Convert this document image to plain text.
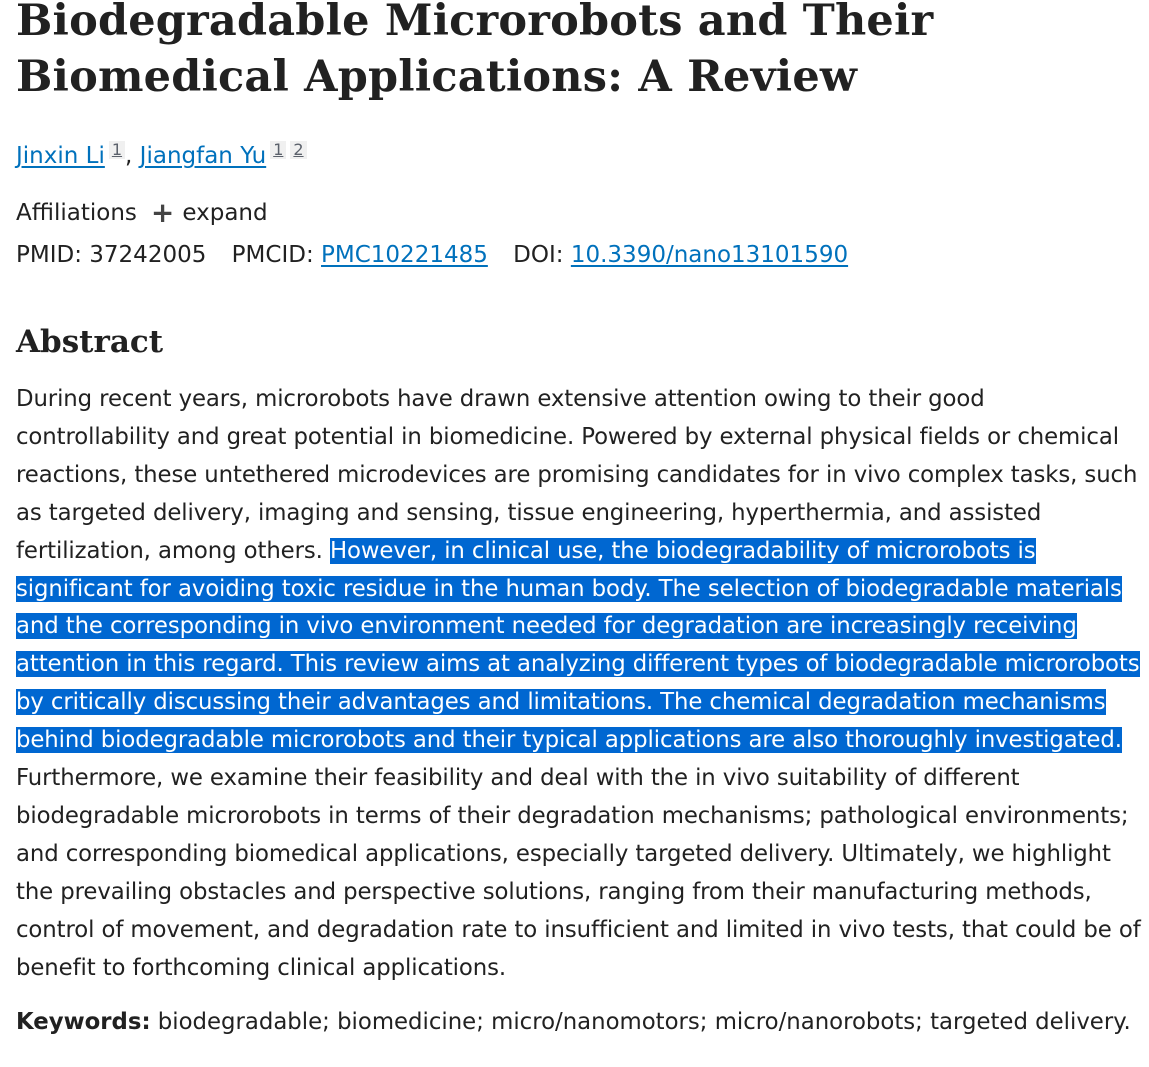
Biodegradable Microrobots and Their Biomedical Applications: A Review
Jinxin Li 1 , Jiangfan Yu 1 2
Affiliations + expand
PMID: 37242005 PMCID: PMC10221485 DOI: 10.3390/nano13101590
Abstract
During recent years, microrobots have drawn extensive attention owing to their good controllability and great potential in biomedicine. Powered by external physical fields or chemical reactions, these untethered microdevices are promising candidates for in vivo complex tasks, such as targeted delivery, imaging and sensing, tissue engineering, hyperthermia, and assisted fertilization, among others. However, in clinical use, the biodegradability of microrobots is significant for avoiding toxic residue in the human body. The selection of biodegradable materials and the corresponding in vivo environment needed for degradation are increasingly receiving attention in this regard. This review aims at analyzing different types of biodegradable microrobots by critically discussing their advantages and limitations. The chemical degradation mechanisms behind biodegradable microrobots and their typical applications are also thoroughly investigated. Furthermore, we examine their feasibility and deal with the in vivo suitability of different biodegradable microrobots in terms of their degradation mechanisms; pathological environments; and corresponding biomedical applications, especially targeted delivery. Ultimately, we highlight the prevailing obstacles and perspective solutions, ranging from their manufacturing methods, control of movement, and degradation rate to insufficient and limited in vivo tests, that could be of benefit to forthcoming clinical applications.
Keywords: biodegradable; biomedicine; micro/nanomotors; micro/nanorobots; targeted delivery.
